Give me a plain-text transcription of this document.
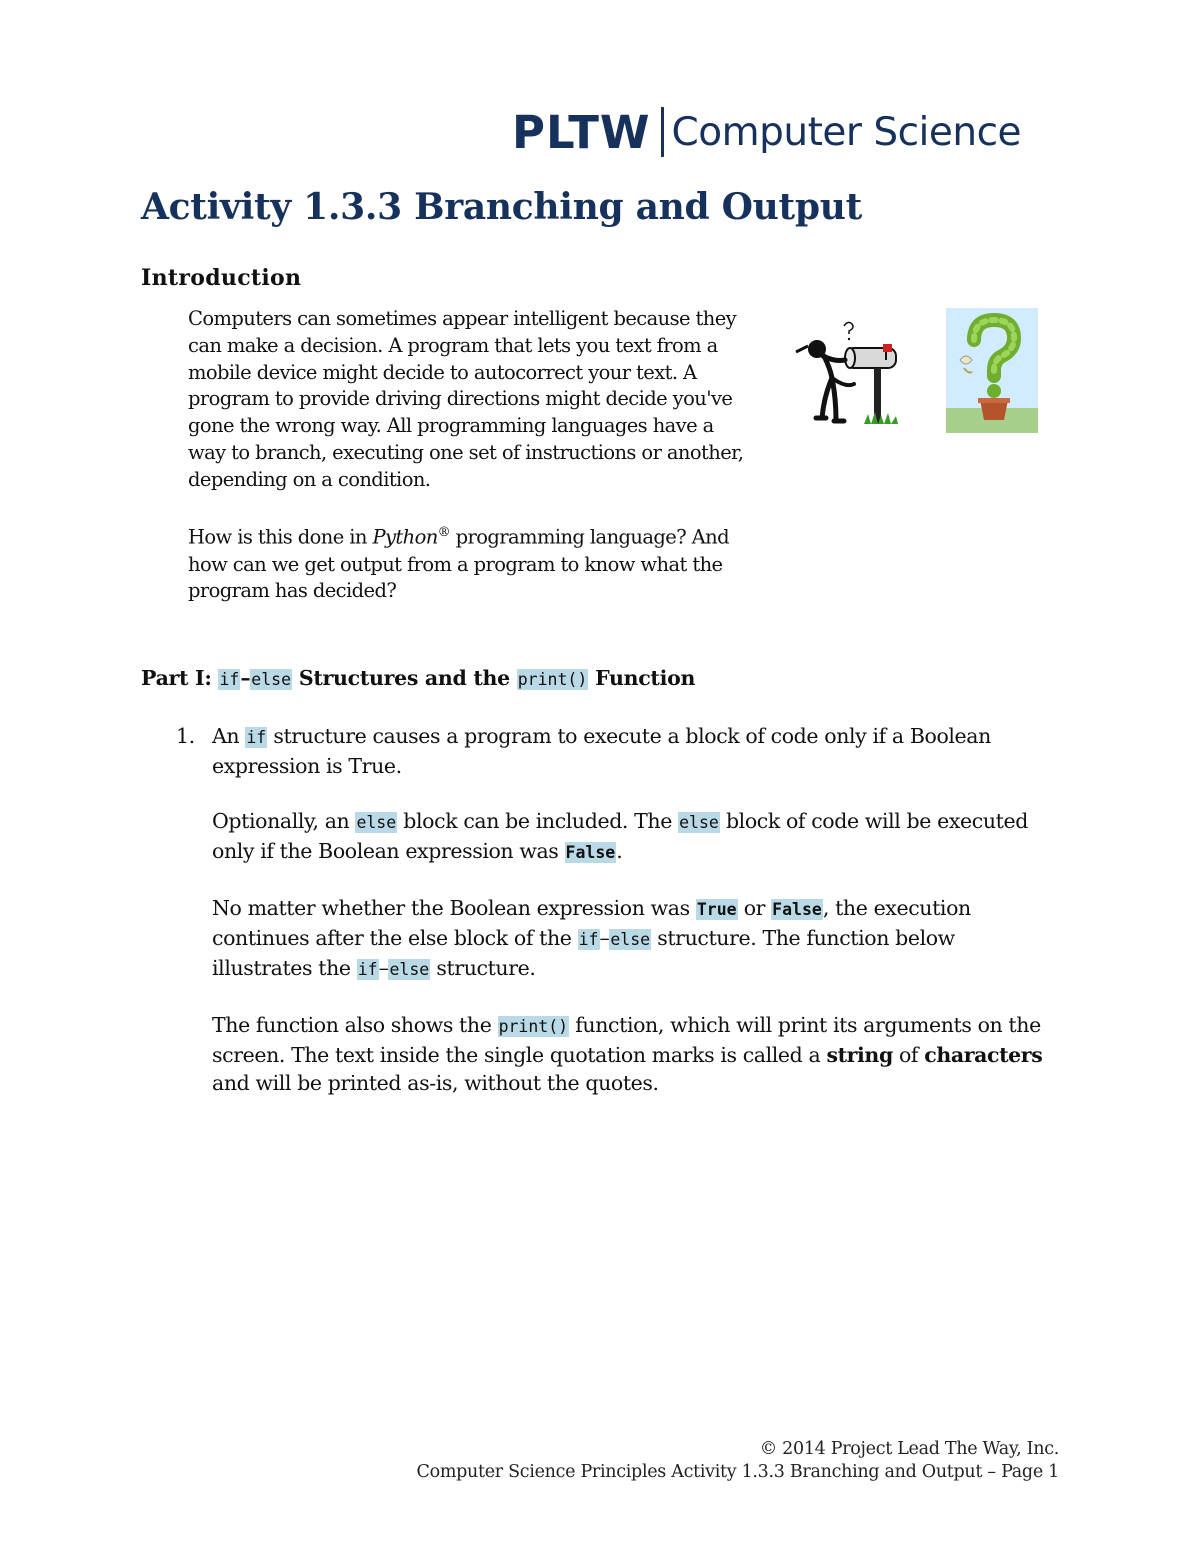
PLTW Computer Science
Activity 1.3.3 Branching and Output
Introduction

Computers can sometimes appear intelligent because they can make a decision. A program that lets you text from a mobile device might decide to autocorrect your text. A program to provide driving directions might decide you've gone the wrong way. All programming languages have a way to branch, executing one set of instructions or another, depending on a condition.

How is this done in Python® programming language? And how can we get output from a program to know what the program has decided?

Part I: if–else Structures and the print() Function
1. An if structure causes a program to execute a block of code only if a Boolean expression is True.

Optionally, an else block can be included. The else block of code will be executed only if the Boolean expression was False.

No matter whether the Boolean expression was True or False, the execution continues after the else block of the if–else structure. The function below illustrates the if–else structure.

The function also shows the print() function, which will print its arguments on the screen. The text inside the single quotation marks is called a string of characters and will be printed as-is, without the quotes.

© 2014 Project Lead The Way, Inc.
Computer Science Principles Activity 1.3.3 Branching and Output – Page 1
